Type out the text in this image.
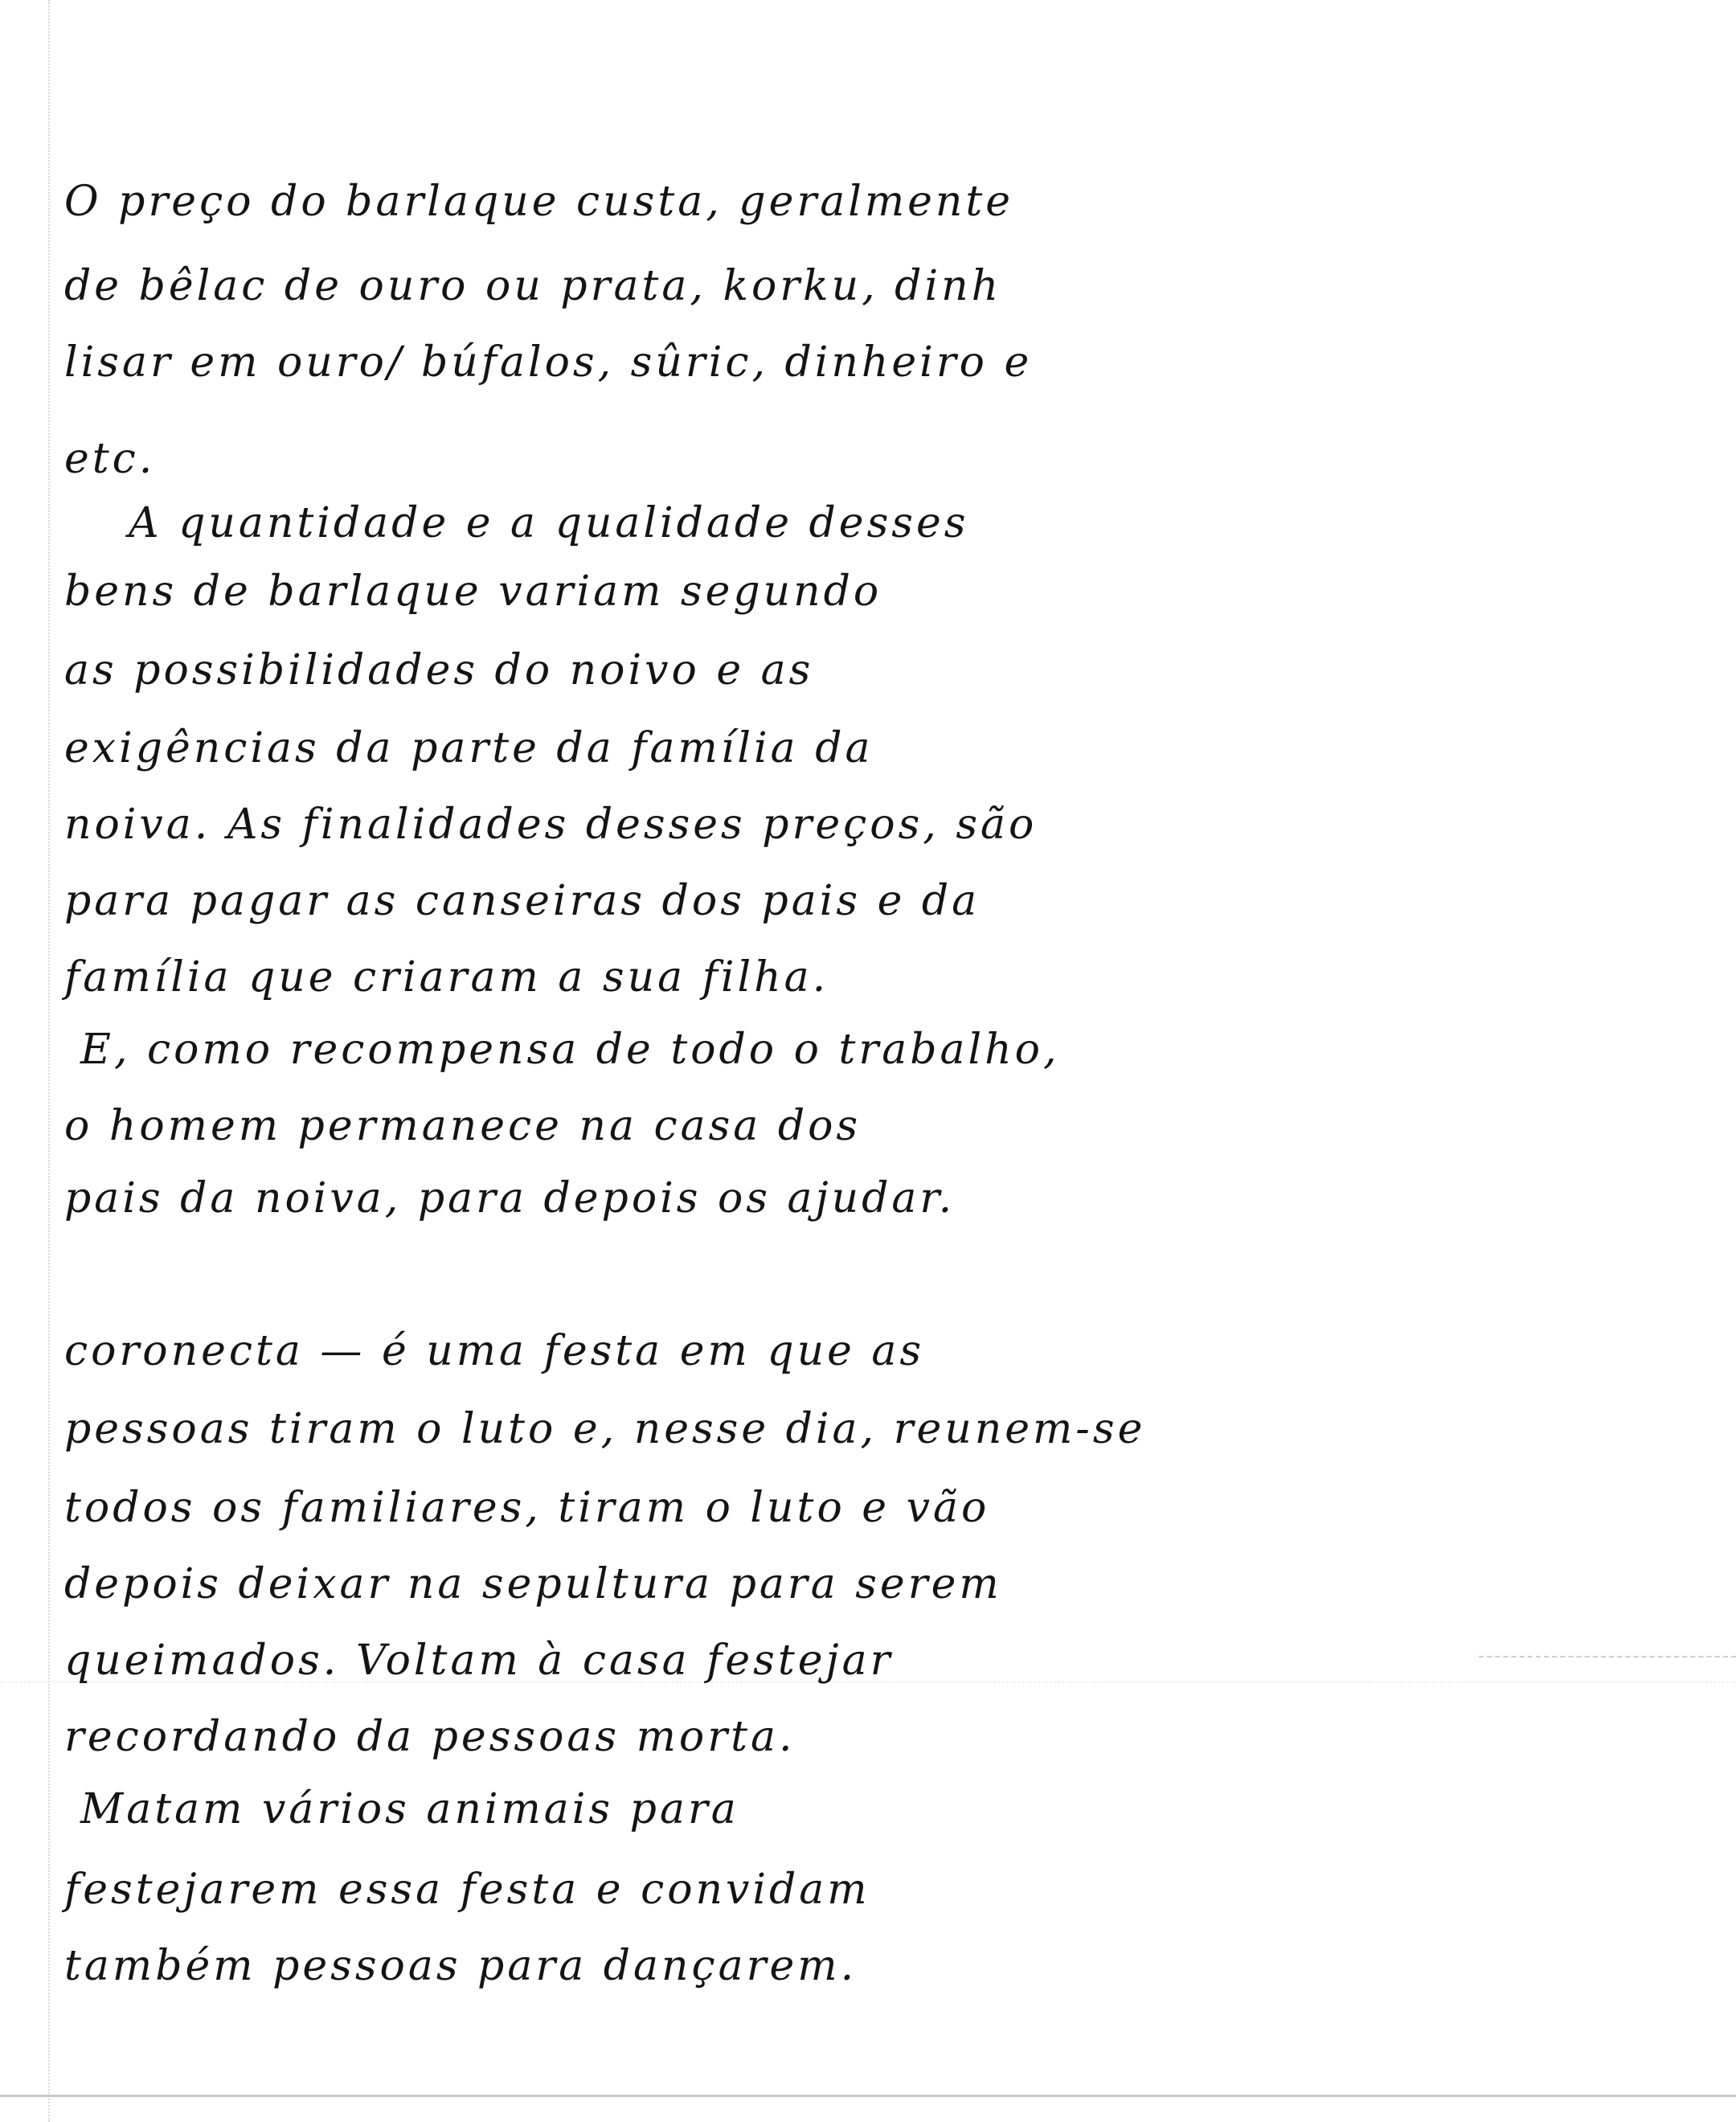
O preço do barlaque custa, geralmente
de bêlac de ouro ou prata, korku, dinh
lisar em ouro/ búfalos, sûric, dinheiro e
etc.
A quantidade e a qualidade desses
bens de barlaque variam segundo
as possibilidades do noivo e as
exigências da parte da família da
noiva. As finalidades desses preços, são
para pagar as canseiras dos pais e da
família que criaram a sua filha.
E, como recompensa de todo o trabalho,
o homem permanece na casa dos
pais da noiva, para depois os ajudar.
coronecta — é uma festa em que as
pessoas tiram o luto e, nesse dia, reunem-se
todos os familiares, tiram o luto e vão
depois deixar na sepultura para serem
queimados. Voltam à casa festejar
recordando da pessoas morta.
Matam vários animais para
festejarem essa festa e convidam
também pessoas para dançarem.
